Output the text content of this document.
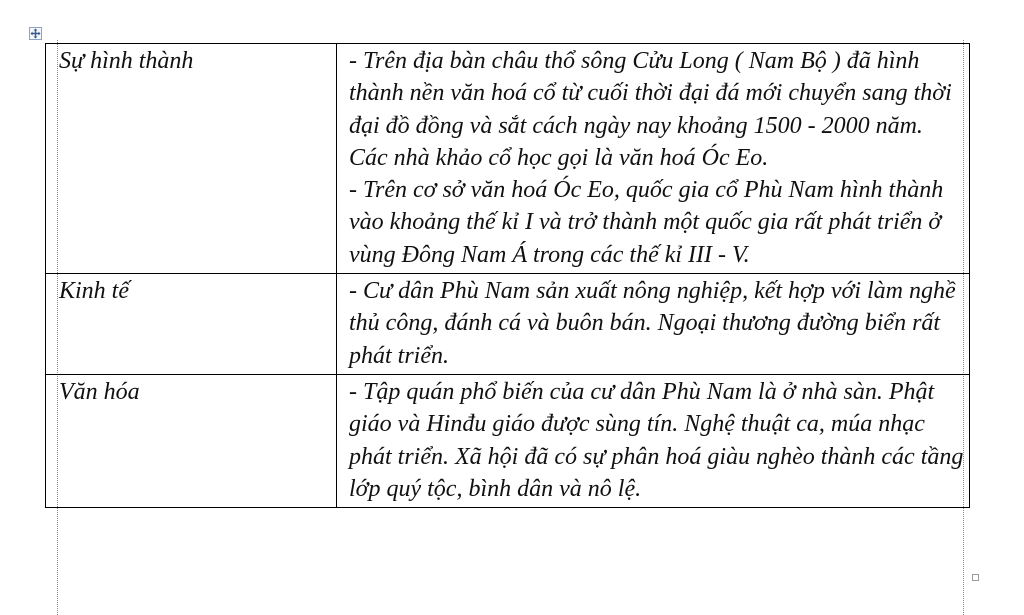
Sự hình thành	- Trên địa bàn châu thổ sông Cửu Long ( Nam Bộ ) đã hình thành nền văn hoá cổ từ cuối thời đại đá mới chuyển sang thời đại đồ đồng và sắt cách ngày nay khoảng 1500 - 2000 năm. Các nhà khảo cổ học gọi là văn hoá Óc Eo.
- Trên cơ sở văn hoá Óc Eo, quốc gia cổ Phù Nam hình thành vào khoảng thế kỉ I và trở thành một quốc gia rất phát triển ở vùng Đông Nam Á trong các thế kỉ III - V.

Kinh tế	- Cư dân Phù Nam sản xuất nông nghiệp, kết hợp với làm nghề thủ công, đánh cá và buôn bán. Ngoại thương đường biển rất phát triển.

Văn hóa	- Tập quán phổ biến của cư dân Phù Nam là ở nhà sàn. Phật giáo và Hinđu giáo được sùng tín. Nghệ thuật ca, múa nhạc phát triển. Xã hội đã có sự phân hoá giàu nghèo thành các tầng lớp quý tộc, bình dân và nô lệ.
